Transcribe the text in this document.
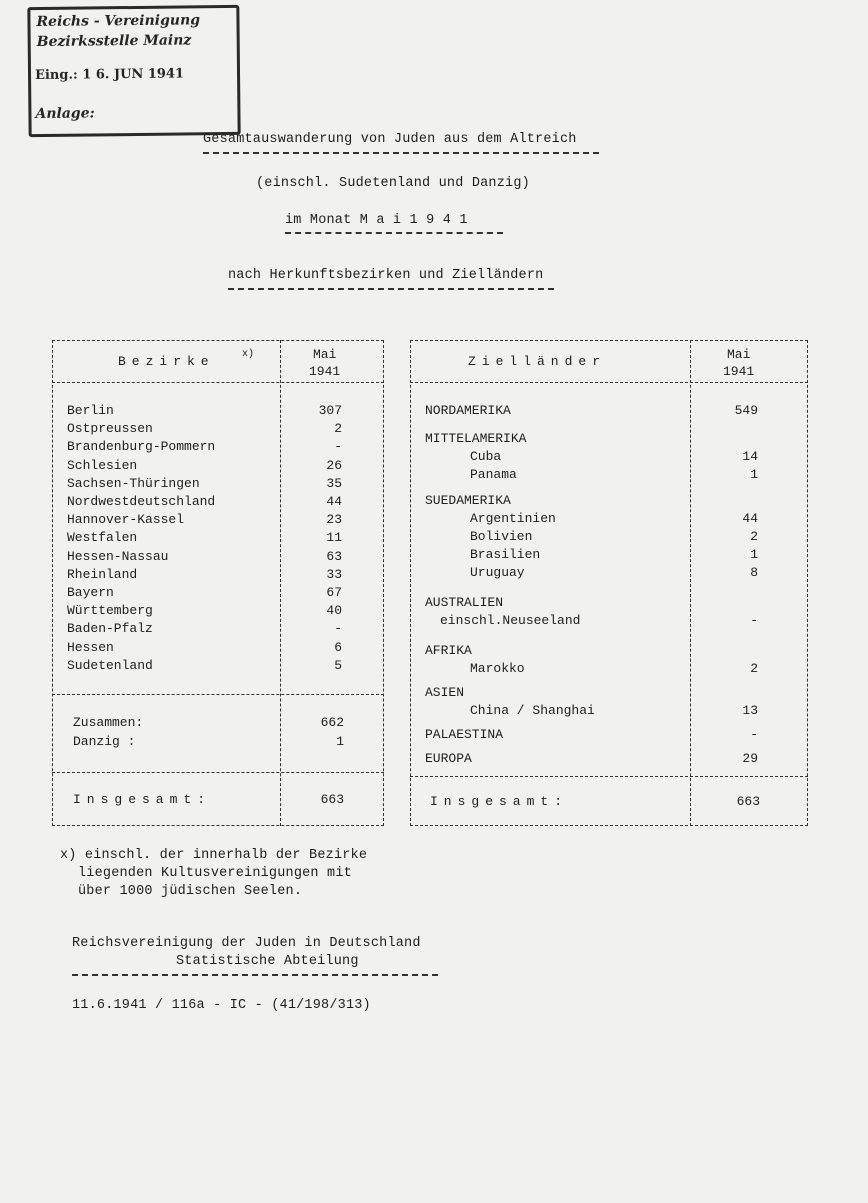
Reichs - Vereinigung
Bezirksstelle Mainz
Eing.: 1 6. JUN 1941
Anlage:
Gesamtauswanderung von Juden aus dem Altreich
(einschl. Sudetenland und Danzig)
im Monat M a i 1 9 4 1
nach Herkunftsbezirken und Zielländern
Bezirke	x)	Mai
1941
Berlin	307
Ostpreussen	2
Brandenburg-Pommern	-
Schlesien	26
Sachsen-Thüringen	35
Nordwestdeutschland	44
Hannover-Kassel	23
Westfalen	11
Hessen-Nassau	63
Rheinland	33
Bayern	67
Württemberg	40
Baden-Pfalz	-
Hessen	6
Sudetenland	5
Zusammen:	662
Danzig :	1
Insgesamt:	663
Zielländer	Mai
1941
NORDAMERIKA	549
MITTELAMERIKA
Cuba	14
Panama	1
SUEDAMERIKA
Argentinien	44
Bolivien	2
Brasilien	1
Uruguay	8
AUSTRALIEN
einschl.Neuseeland	-
AFRIKA
Marokko	2
ASIEN
China / Shanghai	13
PALAESTINA	-
EUROPA	29
Insgesamt:	663
x) einschl. der innerhalb der Bezirke
liegenden Kultusvereinigungen mit
über 1000 jüdischen Seelen.
Reichsvereinigung der Juden in Deutschland
Statistische Abteilung
11.6.1941 / 116a - IC - (41/198/313)
